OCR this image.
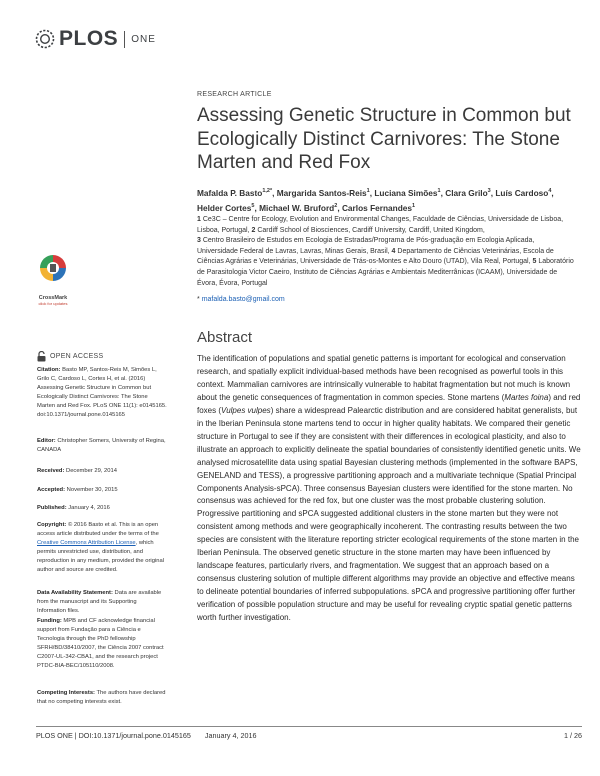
PLOS ONE
RESEARCH ARTICLE
Assessing Genetic Structure in Common but Ecologically Distinct Carnivores: The Stone Marten and Red Fox
Mafalda P. Basto$^{1,2*}$, Margarida Santos-Reis$^1$, Luciana Simões$^1$, Clara Grilo$^3$, Luís Cardoso$^4$, Helder Cortes$^5$, Michael W. Bruford$^2$, Carlos Fernandes$^1$
1 Ce3C – Centre for Ecology, Evolution and Environmental Changes, Faculdade de Ciências, Universidade de Lisboa, Lisboa, Portugal, 2 Cardiff School of Biosciences, Cardiff University, Cardiff, United Kingdom,
3 Centro Brasileiro de Estudos em Ecologia de Estradas/Programa de Pós-graduação em Ecologia Aplicada, Universidade Federal de Lavras, Lavras, Minas Gerais, Brasil, 4 Departamento de Ciências Veterinárias, Escola de Ciências Agrárias e Veterinárias, Universidade de Trás-os-Montes e Alto Douro (UTAD), Vila Real, Portugal, 5 Laboratório de Parasitologia Victor Caeiro, Instituto de Ciências Agrárias e Ambientais Mediterrânicas (ICAAM), Universidade de Évora, Évora, Portugal
* mafalda.basto@gmail.com
CrossMark
click for updates
OPEN ACCESS
Citation: Basto MP, Santos-Reis M, Simões L, Grilo C, Cardoso L, Cortes H, et al. (2016) Assessing Genetic Structure in Common but Ecologically Distinct Carnivores: The Stone Marten and Red Fox. PLoS ONE 11(1): e0145165. doi:10.1371/journal.pone.0145165
Editor: Christopher Somers, University of Regina, CANADA
Received: December 29, 2014
Accepted: November 30, 2015
Published: January 4, 2016
Copyright: © 2016 Basto et al. This is an open access article distributed under the terms of the Creative Commons Attribution License, which permits unrestricted use, distribution, and reproduction in any medium, provided the original author and source are credited.
Data Availability Statement: Data are available from the manuscript and its Supporting Information files.
Funding: MPB and CF acknowledge financial support from Fundação para a Ciência e Tecnologia through the PhD fellowship SFRH/BD/38410/2007, the Ciência 2007 contract C2007-UL-342-CBA1, and the research project PTDC-BIA-BEC/105110/2008.
Competing Interests: The authors have declared that no competing interests exist.
Abstract

The identification of populations and spatial genetic patterns is important for ecological and conservation research, and spatially explicit individual-based methods have been recognised as powerful tools in this context. Mammalian carnivores are intrinsically vulnerable to habitat fragmentation but not much is known about the genetic consequences of fragmentation in common species. Stone martens (Martes foina) and red foxes (Vulpes vulpes) share a widespread Palearctic distribution and are considered habitat generalists, but in the Iberian Peninsula stone martens tend to occur in higher quality habitats. We compared their genetic structure in Portugal to see if they are consistent with their differences in ecological plasticity, and also to illustrate an approach to explicitly delineate the spatial boundaries of consistently identified genetic units. We analysed microsatellite data using spatial Bayesian clustering methods (implemented in the software BAPS, GENELAND and TESS), a progressive partitioning approach and a multivariate technique (Spatial Principal Components Analysis-sPCA). Three consensus Bayesian clusters were identified for the stone marten. No consensus was achieved for the red fox, but one cluster was the most probable clustering solution. Progressive partitioning and sPCA suggested additional clusters in the stone marten but they were not consistent among methods and were geographically incoherent. The contrasting results between the two species are consistent with the literature reporting stricter ecological requirements of the stone marten in the Iberian Peninsula. The observed genetic structure in the stone marten may have been influenced by landscape features, particularly rivers, and fragmentation. We suggest that an approach based on a consensus clustering solution of multiple different algorithms may provide an objective and effective means to delineate potential boundaries of inferred subpopulations. sPCA and progressive partitioning offer further verification of possible population structure and may be useful for revealing cryptic spatial genetic patterns worth further investigation.

PLOS ONE | DOI:10.1371/journal.pone.0145165 January 4, 2016	1 / 26
